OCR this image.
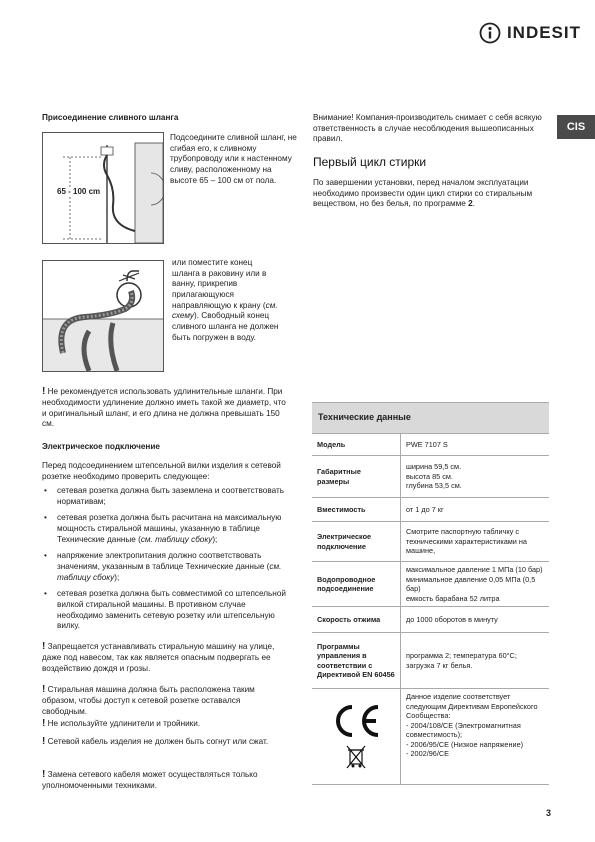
INDESIT
CIS
Присоединение сливного шланга
65 - 100 cm
Подсоедините сливной шланг, не сгибая его, к сливному трубопроводу или к настенному сливу, расположенному на высоте 65 – 100 см от пола.
или поместите конец шланга в раковину или в ванну, прикрепив прилагающуюся направляющую к крану (см. схему). Свободный конец сливного шланга не должен быть погружен в воду.
! Не рекомендуется использовать удлинительные шланги. При необходимости удлинение должно иметь такой же диаметр, что и оригинальный шланг, и его длина не должна превышать 150 см.
Электрическое подключение
Перед подсоединением штепсельной вилки изделия к сетевой розетке необходимо проверить следующее:
• сетевая розетка должна быть заземлена и соответствовать нормативам;
• сетевая розетка должна быть расчитана на максимальную мощность стиральной машины, указанную в таблице Технические данные (см. таблицу сбоку);
• напряжение электропитания должно соответствовать значениям, указанным в таблице Технические данные (см. таблицу сбоку);
• сетевая розетка должна быть совместимой со штепсельной вилкой стиральной машины. В противном случае необходимо заменить сетевую розетку или штепсельную вилку.
! Запрещается устанавливать стиральную машину на улице, даже под навесом, так как является опасным подвергать ее воздействию дождя и грозы.
! Стиральная машина должна быть расположена таким образом, чтобы доступ к сетевой розетке оставался свободным.
! Не используйте удлинители и тройники.
! Сетевой кабель изделия не должен быть согнут или сжат.
! Замена сетевого кабеля может осуществляться только уполномоченными техниками.
Внимание! Компания-производитель снимает с себя всякую ответственность в случае несоблюдения вышеописанных правил.
Первый цикл стирки
По завершении установки, перед началом эксплуатации необходимо произвести один цикл стирки со стиральным веществом, но без белья, по программе 2.
Технические данные
Модель	PWE 7107 S
Габаритные размеры	ширина 59,5 см.
высота 85 см.
глубина 53,5 см.
Вместимость	от 1 до 7 кг
Электрическое подключение	Смотрите паспортную табличку с техническими характеристиками на машине,
Водопроводное подсоединение	максимальное давление 1 МПа (10 бар)
минимальное давление 0,05 МПа (0,5 бар)
емкость барабана 52 литра
Скорость отжима	до 1000 оборотов в минуту
Программы управления в соответствии с Директивой EN 60456	программа 2; температура 60°С;
загрузка 7 кг белья.

	Данное изделие соответствует следующим Директивам Европейского Сообщества:
- 2004/108/CE (Электромагнитная совместимость);
- 2006/95/CE (Низкое напряжение)
- 2002/96/CE
3
